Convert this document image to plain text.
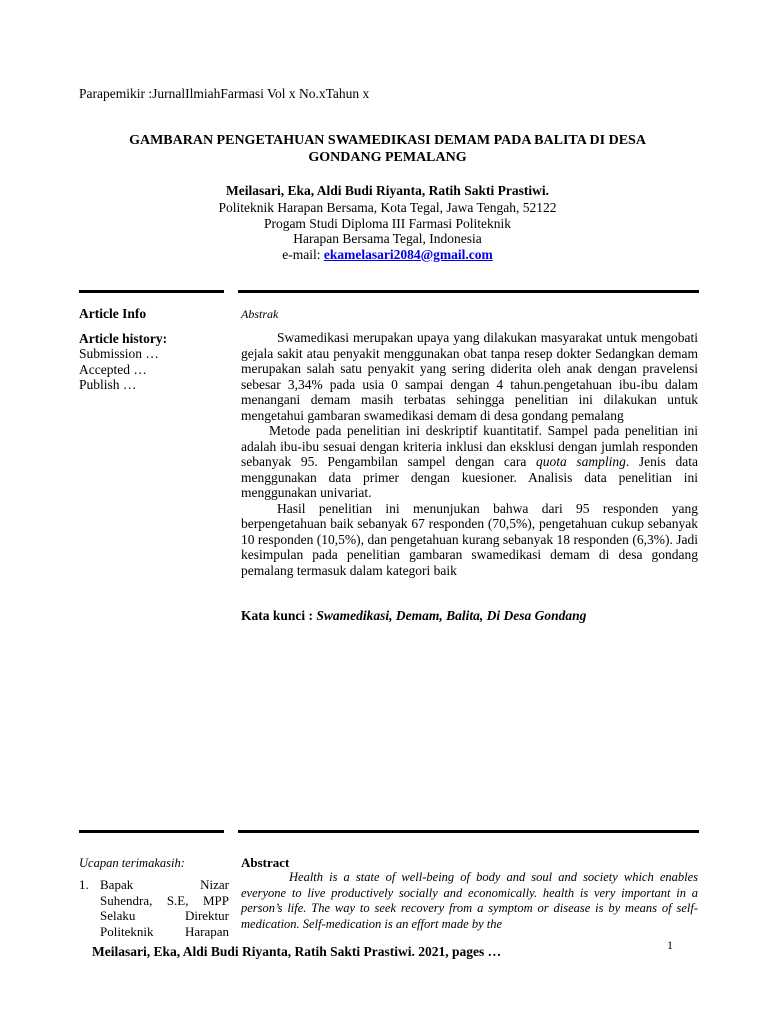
Parapemikir :JurnalIlmiahFarmasi Vol x No.xTahun x
GAMBARAN PENGETAHUAN SWAMEDIKASI DEMAM PADA BALITA DI DESA
GONDANG PEMALANG
Meilasari, Eka, Aldi Budi Riyanta, Ratih Sakti Prastiwi.
Politeknik Harapan Bersama, Kota Tegal, Jawa Tengah, 52122
Progam Studi Diploma III Farmasi Politeknik
Harapan Bersama Tegal, Indonesia
e-mail: ekamelasari2084@gmail.com
Article Info
Article history:
Submission …
Accepted …
Publish …
Abstrak

Swamedikasi merupakan upaya yang dilakukan masyarakat untuk mengobati gejala sakit atau penyakit menggunakan obat tanpa resep dokter Sedangkan demam merupakan salah satu penyakit yang sering diderita oleh anak dengan pravelensi sebesar 3,34% pada usia 0 sampai dengan 4 tahun.pengetahuan ibu-ibu dalam menangani demam masih terbatas sehingga penelitian ini dilakukan untuk mengetahui gambaran swamedikasi demam di desa gondang pemalang

Metode pada penelitian ini deskriptif kuantitatif. Sampel pada penelitian ini adalah ibu-ibu sesuai dengan kriteria inklusi dan eksklusi dengan jumlah responden sebanyak 95. Pengambilan sampel dengan cara quota sampling. Jenis data menggunakan data primer dengan kuesioner. Analisis data penelitian ini menggunakan univariat.

Hasil penelitian ini menunjukan bahwa dari 95 responden yang berpengetahuan baik sebanyak 67 responden (70,5%), pengetahuan cukup sebanyak 10 responden (10,5%), dan pengetahuan kurang sebanyak 18 responden (6,3%). Jadi kesimpulan pada penelitian gambaran swamedikasi demam di desa gondang pemalang termasuk dalam kategori baik

Kata kunci : Swamedikasi, Demam, Balita, Di Desa Gondang
Ucapan terimakasih:
1. Bapak Nizar
Suhendra, S.E, MPP
Selaku Direktur
Politeknik Harapan
Abstract

Health is a state of well-being of body and soul and society which enables everyone to live productively socially and economically. health is very important in a person’s life. The way to seek recovery from a symptom or disease is by means of self-medication. Self-medication is an effort made by the

1
Meilasari, Eka, Aldi Budi Riyanta, Ratih Sakti Prastiwi. 2021, pages …
